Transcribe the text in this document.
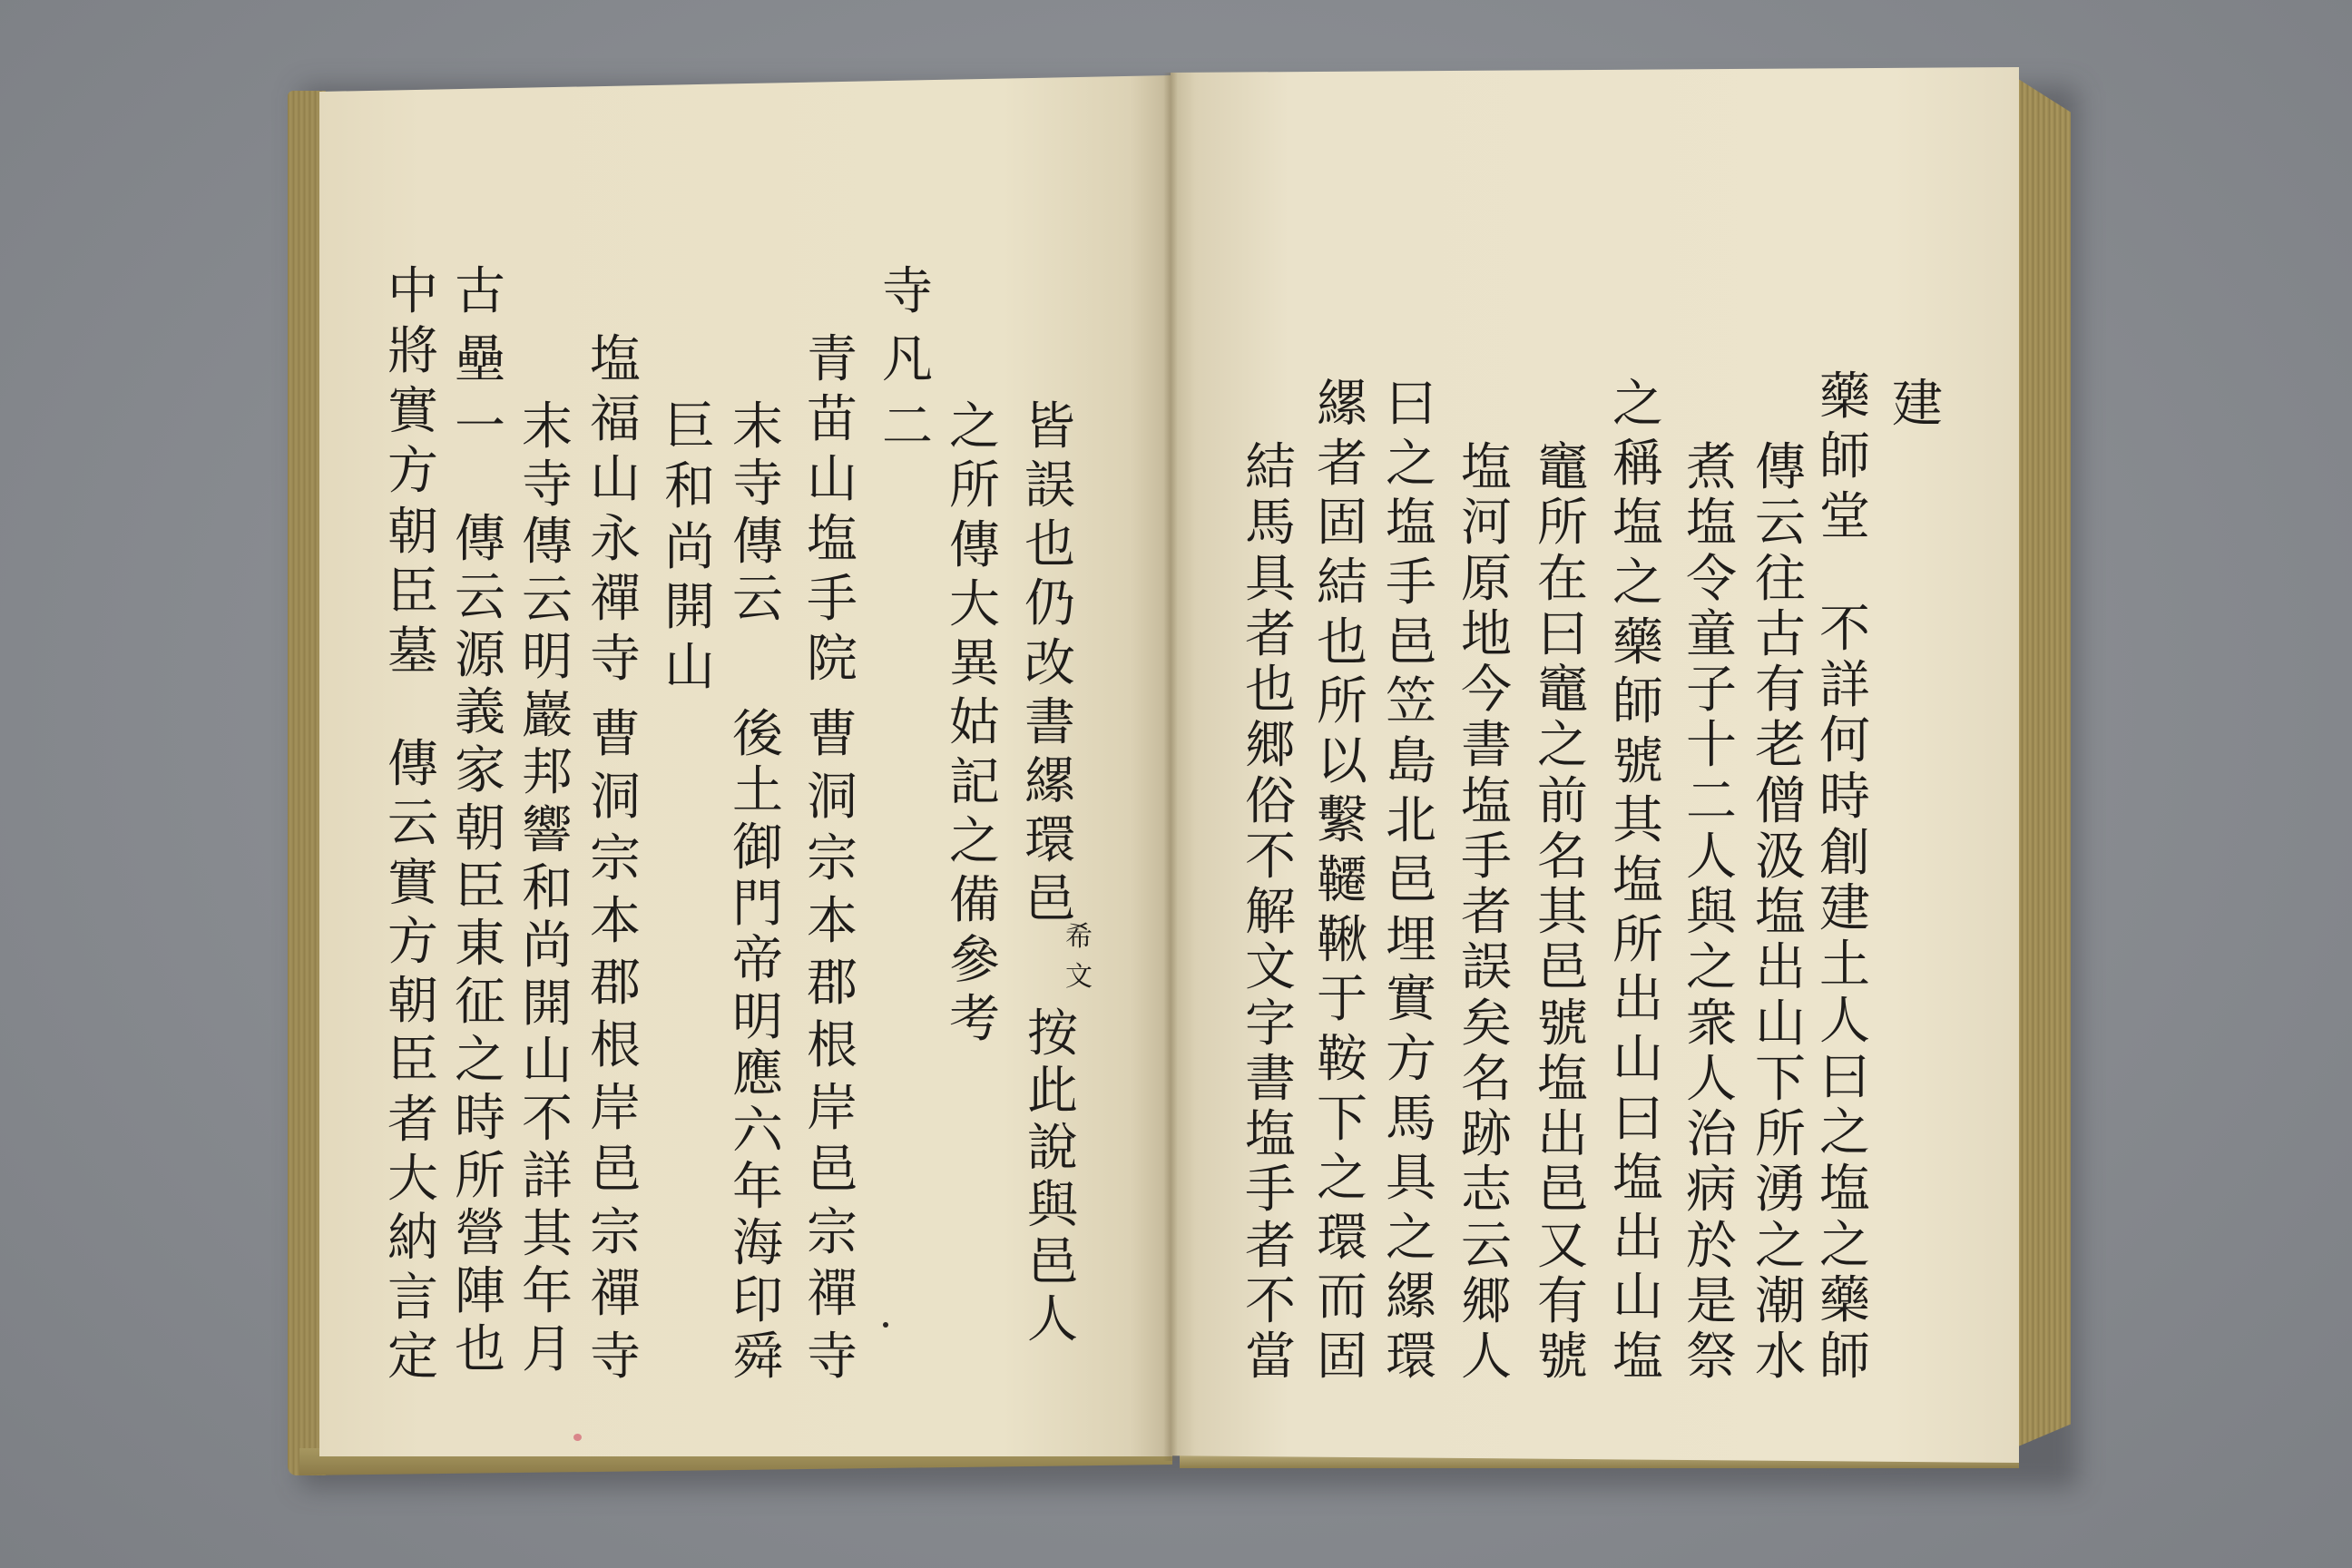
建
藥
師
堂
不
詳
何
時
創
建
土
人
曰
之
塩
之
藥
師
傳
云
往
古
有
老
僧
汲
塩
出
山
下
所
湧
之
潮
水
煮
塩
令
童
子
十
二
人
與
之
衆
人
治
病
於
是
祭
之
稱
塩
之
藥
師
號
其
塩
所
出
山
曰
塩
出
山
塩
竈
所
在
曰
竈
之
前
名
其
邑
號
塩
出
邑
又
有
號
塩
河
原
地
今
書
塩
手
者
誤
矣
名
跡
志
云
郷
人
曰
之
塩
手
邑
笠
島
北
邑
埋
實
方
馬
具
之
縲
環
縲
者
固
結
也
所
以
繫
韆
鞦
于
鞍
下
之
環
而
固
結
馬
具
者
也
郷
俗
不
解
文
字
書
塩
手
者
不
當
皆
誤
也
仍
改
書
縲
環
邑
希
文
按
此
說
與
邑
人
之
所
傳
大
異
姑
記
之
備
參
考
寺
凡
二
青
苗
山
塩
手
院
曹
洞
宗
本
郡
根
岸
邑
宗
禪
寺
末
寺
傳
云
後
土
御
門
帝
明
應
六
年
海
印
舜
巨
和
尚
開
山
塩
福
山
永
禪
寺
曹
洞
宗
本
郡
根
岸
邑
宗
禪
寺
末
寺
傳
云
明
巖
邦
響
和
尚
開
山
不
詳
其
年
月
古
壘
一
傳
云
源
義
家
朝
臣
東
征
之
時
所
營
陣
也
中
將
實
方
朝
臣
墓
傳
云
實
方
朝
臣
者
大
納
言
定
